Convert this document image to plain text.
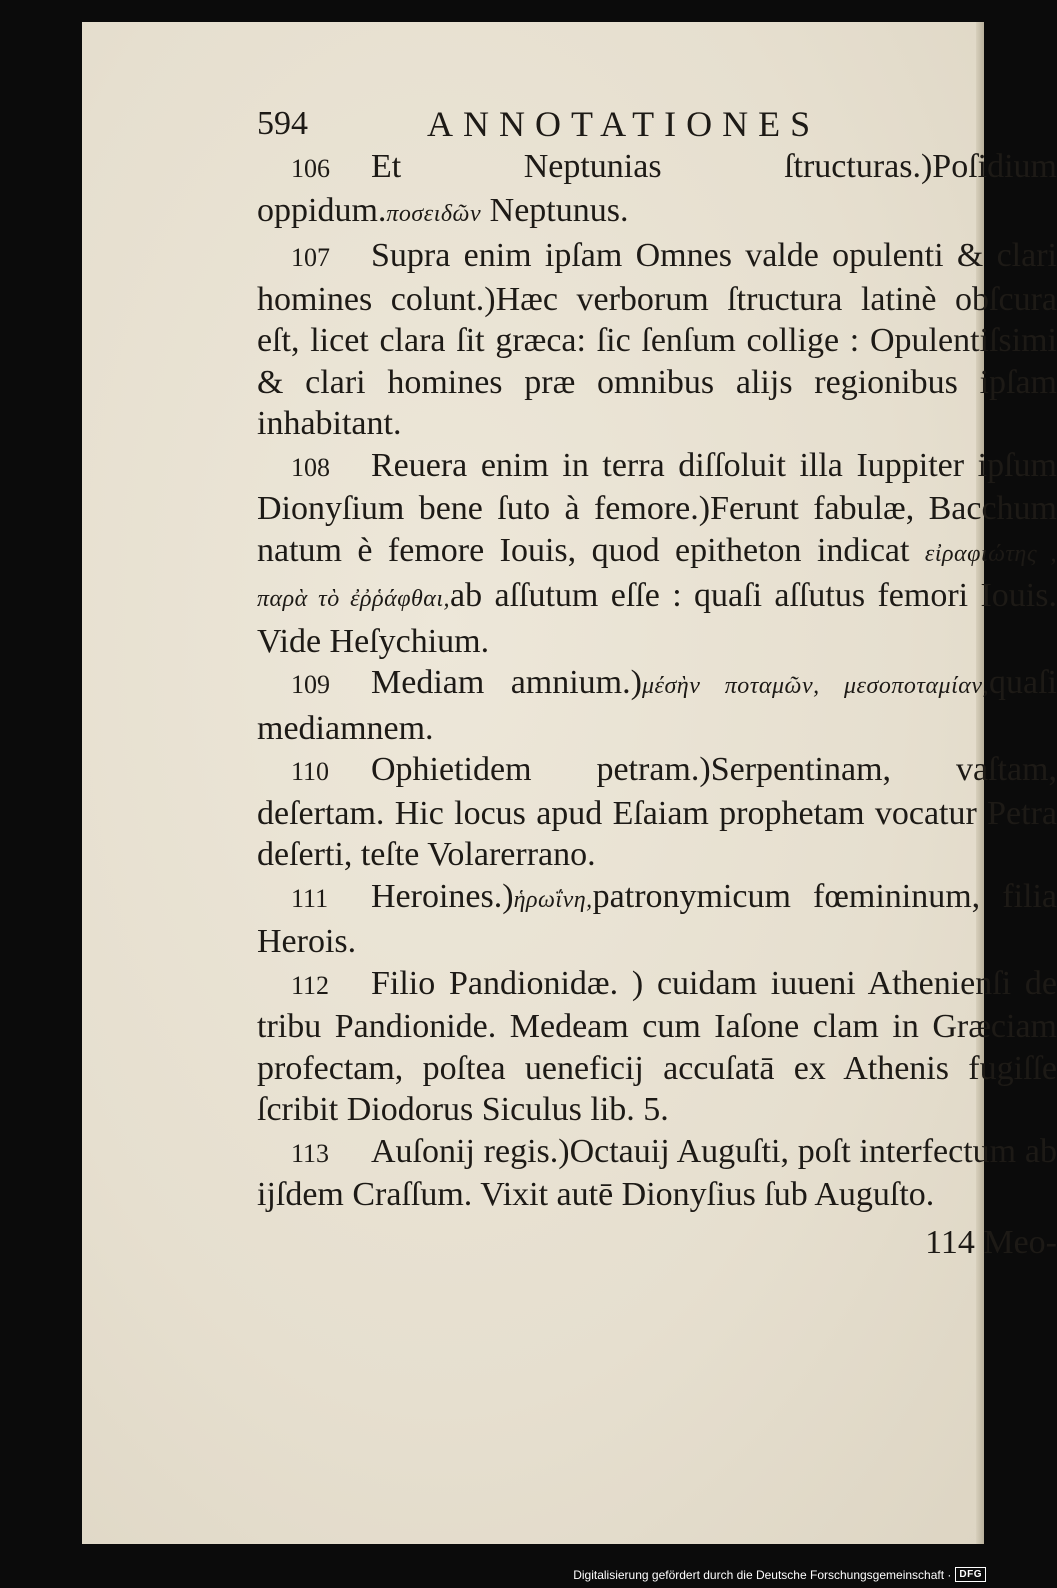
594	ANNOTATIONES

106 Et Neptunias ſtructuras.)Poſidium oppidum.ποσειδῶν Neptunus.

107 Supra enim ipſam Omnes valde opulenti & clari homines colunt.)Hæc verborum ſtructura latinè obſcura eſt, licet clara ſit græca: ſic ſenſum collige : Opulentiſsimi & clari homines præ omnibus alijs regionibus ipſam inhabitant.

108 Reuera enim in terra diſſoluit illa Iuppiter ipſum Dionyſium bene ſuto à femore.)Ferunt fabulæ, Bacchum natum è femore Iouis, quod epitheton indicat εἰραφιώτης , παρὰ τὸ ἐῤῥάφθαι,ab aſſutum eſſe : quaſi aſſutus femori Iouis. Vide Heſychium.

109 Mediam amnium.)μέσὴν ποταμῶν, μεσοποταμίαν,quaſi mediamnem.

110 Ophietidem petram.)Serpentinam, vaſtam, deſertam. Hic locus apud Eſaiam prophetam vocatur Petra deſerti, teſte Volarerrano.

111 Heroines.)ἡρωΐνη,patronymicum fœmininum, filia Herois.

112 Filio Pandionidæ. ) cuidam iuueni Athenienſi de tribu Pandionide. Medeam cum Iaſone clam in Græciam profectam, poſtea ueneficij accuſatā ex Athenis fugiſſe ſcribit Diodorus Siculus lib. 5.

113 Auſonij regis.)Octauij Auguſti, poſt interfectum ab ijſdem Craſſum. Vixit autē Dionyſius ſub Auguſto.

114 Meo-
Digitalisierung gefördert durch die Deutsche Forschungsgemeinschaft · DFG
